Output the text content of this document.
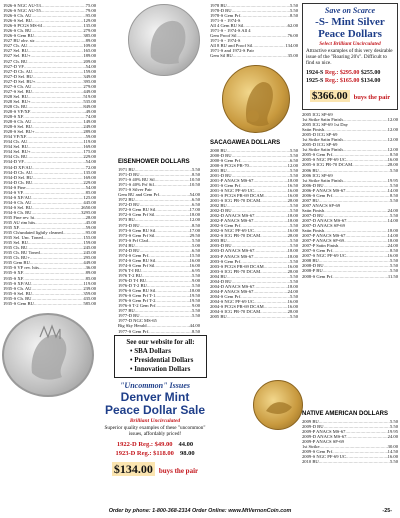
1926-S NGC AU-53 .....	75.00
1926-S NGC AU-55 .....	79.00
1926-S Ch. AU .....	95.00
1926-S Sel. BU .....	129.00
1926-S PCGS MS-61 .....	135.00
1926-S Ch. BU .....	279.00
1926-S Gem BU .....	385.00
1927 BU obv. str .....	89.00
1927 Ch. AU .....	109.00
1927 Sel. BU .....	165.00
1927 Sel. BU+ .....	189.00
1927 Ch. BU .....	209.00
1927-D VF .....	54.00
1927-D Ch. AU .....	159.00
1927-D Sel. BU .....	349.00
1927-D Sel. BU+ .....	395.00
1927-S Ch. AU .....	279.00
1927-S Sel. BU .....	449.00
1928 Sel. BU .....	519.00
1928 Sel. BU+ .....	535.00
1928 Ch. BU .....	849.00
1928-S VF/XF .....	49.00
1928-S XF .....	74.00
1928-S Ch. AU .....	149.00
1928-S Sel. BU .....	249.00
1928-S Sel. BU+ .....	289.00
1934 VF/XF .....	59.00
1934 Ch. AU .....	119.00
1934 Sel. BU .....	169.00
1934 Sel. BU+ .....	175.00
1934 Ch. BU .....	229.00
1934-D VF .....	54.00
1934-D XF/AU .....	72.00
1934-D Ch. AU .....	135.00
1934-D Sel. BU .....	169.00
1934-D Ch. BU .....	229.00
1934-S Fine .....	54.00
1934-S VF .....	85.00
1934-S XF/AU .....	125.00
1934-S Ch. AU .....	445.00
1934-S Sel. BU .....	2650.00
1934-S Ch. BU .....	3295.00
1935 Fine rev. hi .....	28.00
1935 AU rim hits .....	45.00
1935 XF .....	59.00
1935 Ch/undated lightly cleaned .....	95.00
1935 Sel. Unc. Toned .....	155.00
1935 Sel. BU .....	159.00
1935 Ch. BU .....	245.00
1935 Ch. BU Toned .....	245.00
1935 Ch. BU+ .....	295.00
1935 Gem BU .....	449.00
1935-S VF rev. hits .....	36.00
1935-S XF .....	89.00
1935-S XF .....	85.00
1935-S XF/AU .....	119.00
1935-S Ch. AU .....	239.00
1935-S Sel. BU .....	359.00
1935-S Ch. BU .....	435.00
1935-S Gem BU .....	585.00
EISENHOWER DOLLARS
1971 BU .....	5.50
1971-D BU .....	8.50
1971-S 40% BU Sil .....	10.50
1971-S 40% Prf Sil .....	10.50
1971-S Silver Pair
Gem BU and Gem Prf .....	54.00
1972 BU .....	6.50
1972-D BU .....	6.50
1972-S Gem BU Sil .....	17.00
1972-S Gem Prf Sil .....	18.00
1973 BU .....	12.00
1973-D BU .....	8.50
1973-S Gem BU Sil .....	17.00
1973-S Gem Prf Sil .....	29.50
1973-S Prf Clad .....	5.50
1974 BU .....	5.00
1974-D BU .....	6.50
1974-S Gem Prf .....	15.50
1974-S Gem BU Sil .....	16.00
1974-S Gem Prf Sil .....	16.00
1976 T-I BU .....	6.95
1976 T-2 BU .....	5.50
1976-D T-I BU .....	9.00
1976-D T-2 BU .....	5.50
1976-S Gem BU Sil .....	18.00
1976-S Gem Prf T-1 .....	19.50
1976-S Gem Prf T-2 .....	19.50
1976-S T-2 Gem Prf .....	9.00
1977 BU .....	5.50
1977-D BU .....	5.50
1977-D NGC MS-65
Big Sky Herald .....	44.00
1977-S Gem Prf .....	8.50
See our website for all:
• SBA Dollars
• Presidential Dollars
• Innovation Dollars
"Uncommon" Issues
Denver Mint
Peace Dollar Sale
Brilliant Uncirculated
Superior quality examples of these "uncommon" issues, affordably priced!
1922-D Reg.: $49.00 44.00
1923-D Reg.: $118.00 98.00
$134.00 buys the pair
1978 BU .....	5.50
1978-D BU .....	5.50
1978-S Gem Prf .....	8.50
1971-S - 1974-S
All 4 Gem BU Sil .....	62.00
1971-S - 1974-S All 4
Gem Proof Sil .....	76.00
1971-S - 1974-S
All 8 BU and Proof Sil .....	134.00
1971-S and 1972-S Pair
Gem Sil BU .....	35.00
SACAGAWEA DOLLARS
2000 BU .....	5.50
2000-D BU .....	5.50
2000-S Gem Prf .....	6.50
2000-S PCGS PR-70 .....	12.00
2001 BU .....	5.50
2001-D BU .....	5.50
2001-P ANACS MS-67 .....	18.00
2001-S Gem Prf .....	16.50
2001-S NGC PF-69 UC .....	16.00
2001-S PCGS PR-69 DCAM .....	16.00
2001-S ICG PR-70 DCAM .....	28.00
2002 BU .....	5.50
2002-D BU .....	5.50
2002-D ANACS MS-67 .....	18.00
2002-P ANACS MS-67 .....	18.00
2002-S Gem Prf .....	5.50
2002-S NGC PF-69 UC .....	16.00
2002-S ICG PR-70 DCAM .....	28.00
2003 BU .....	5.50
2003-D BU .....	5.50
2003-D ANACS MS-67 .....	18.00
2003-P ANACS MS-67 .....	18.00
2003-S Gem Prf .....	5.50
2003-S PCGS PR-69 DCAM .....	16.00
2003-S ICG PR-70 DCAM .....	28.00
2004 BU .....	5.50
2004-D BU .....	5.50
2004-D ANACS MS-67 .....	18.00
2004-P ANACS MS-67 .....	24.00
2004-S Gem Prf .....	5.50
2004-S NGC PF-69 UC .....	16.00
2004-S PCGS PR-69 DCAM .....	16.00
2004-S ICG PR-70 DCAM .....	28.00
2005 BU .....	5.50
Save on Scarce
-S- Mint Silver
Peace Dollars
Select Brilliant Uncirculated
Attractive examples of this very desirable issue of the "Roaring 20's". Difficult to find so nice.
1924-S Reg.: $295.00 $255.00
1925-S Reg.: $165.00 $134.00
$366.00 buys the pair
2005 ICG SP-69
1st Strike Satin Finish .....	12.00
2005 ICG SP-69 1st Day
Satin Finish .....	12.00
2005-D ICG SP-69
1st Strike Satin Finish .....	12.00
2005-D ICG SP-69
1st Strike Satin Finish .....	12.00
2005-S Gem Prf .....	8.50
2005-S NGC PF-69 UC .....	16.00
2005-S ICG PR-70 DCAM .....	28.00
2006 BU .....	5.50
2006 ICG SP-69
1st Strike Satin Finish .....	19.95
2006-D BU .....	5.50
2006-P ANACS MS-67 .....	14.00
2006-S Gem Prf .....	8.50
2007 BU .....	5.50
2007 ANACS SP-69
Satin Finish .....	24.00
2007-D BU .....	5.50
2007-D ANACS MS-67 .....	14.00
2007-D ANACS SP-69
Satin Finish .....	18.00
2007-P ANACS MS-67 .....	14.00
2007-P ANACS SP-69 .....	18.00
2007-P Satin Finish .....	24.00
2007-S Gem Prf .....	8.50
2007-S NGC PF-69 UC .....	16.00
2008 BU .....	5.50
2008-D BU .....	5.50
2008-P BU .....	5.50
2008-S Gem Prf .....	11.50
NATIVE AMERICAN DOLLARS
2009 BU .....	5.50
2009-D BU .....	5.50
2009-P ANACS MS-67 .....	19.95
2009-D ANACS MS-67 .....	24.00
2009-P ANACS SP-69
1st Strike .....	30.00
2009-S Gem Prf .....	14.50
2009-S NGC PF-69 UC .....	16.00
2010 BU .....	5.50
Order by phone: 1-800-368-2314 Order Online: www.MtVernonCoin.com	-25-
